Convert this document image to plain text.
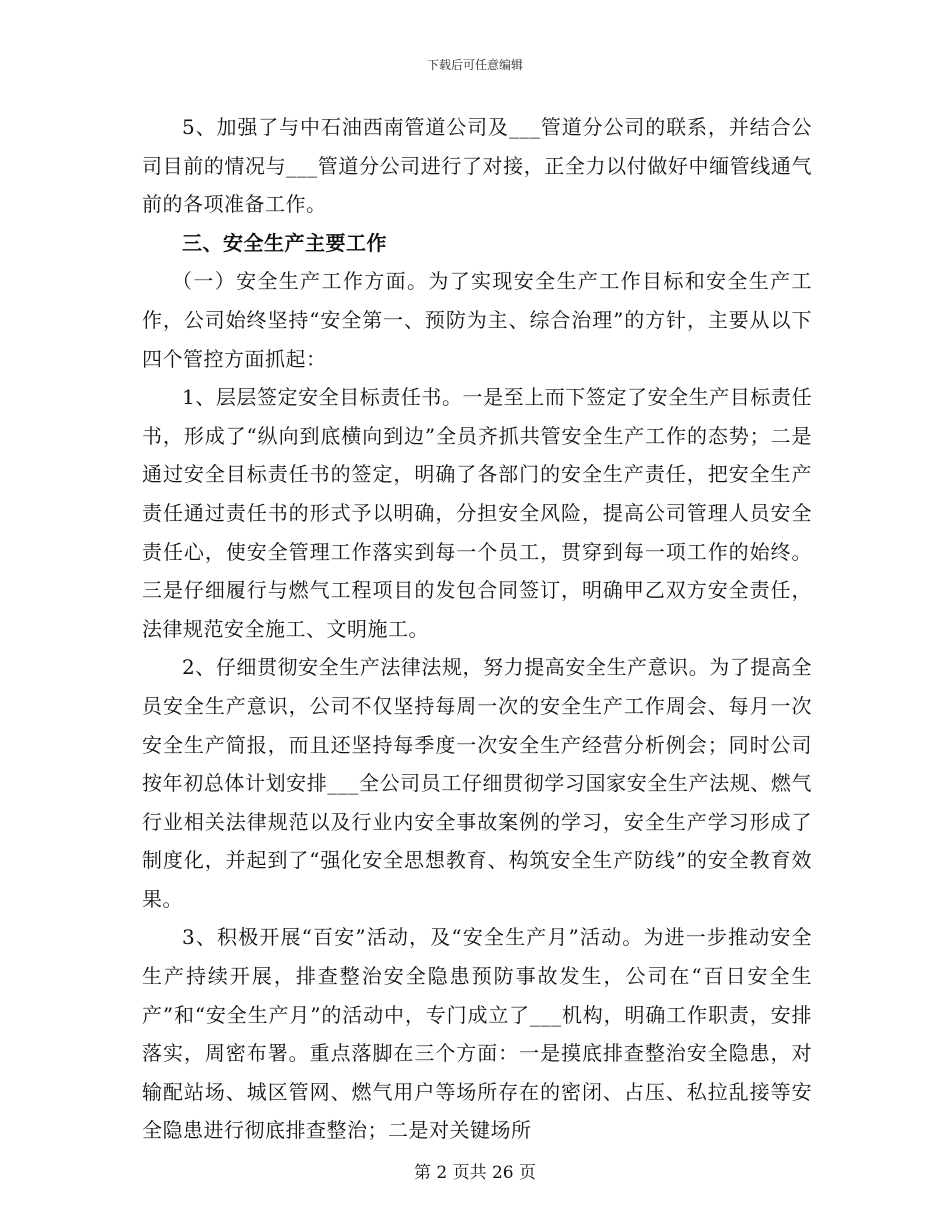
下载后可任意编辑

5、加强了与中石油西南管道公司及___管道分公司的联系，并结合公司目前的情况与___管道分公司进行了对接，正全力以付做好中缅管线通气前的各项准备工作。

三、安全生产主要工作

（一）安全生产工作方面。为了实现安全生产工作目标和安全生产工作，公司始终坚持“安全第一、预防为主、综合治理”的方针，主要从以下四个管控方面抓起：

1、层层签定安全目标责任书。一是至上而下签定了安全生产目标责任书，形成了“纵向到底横向到边”全员齐抓共管安全生产工作的态势；二是通过安全目标责任书的签定，明确了各部门的安全生产责任，把安全生产责任通过责任书的形式予以明确，分担安全风险，提高公司管理人员安全责任心，使安全管理工作落实到每一个员工，贯穿到每一项工作的始终。三是仔细履行与燃气工程项目的发包合同签订，明确甲乙双方安全责任，法律规范安全施工、文明施工。

2、仔细贯彻安全生产法律法规，努力提高安全生产意识。为了提高全员安全生产意识，公司不仅坚持每周一次的安全生产工作周会、每月一次安全生产简报，而且还坚持每季度一次安全生产经营分析例会；同时公司按年初总体计划安排___全公司员工仔细贯彻学习国家安全生产法规、燃气行业相关法律规范以及行业内安全事故案例的学习，安全生产学习形成了制度化，并起到了“强化安全思想教育、构筑安全生产防线”的安全教育效果。

3、积极开展“百安”活动，及“安全生产月”活动。为进一步推动安全生产持续开展，排查整治安全隐患预防事故发生，公司在“百日安全生产”和“安全生产月”的活动中，专门成立了___机构，明确工作职责，安排落实，周密布署。重点落脚在三个方面：一是摸底排查整治安全隐患，对输配站场、城区管网、燃气用户等场所存在的密闭、占压、私拉乱接等安全隐患进行彻底排查整治；二是对关键场所

第 2 页共 26 页
